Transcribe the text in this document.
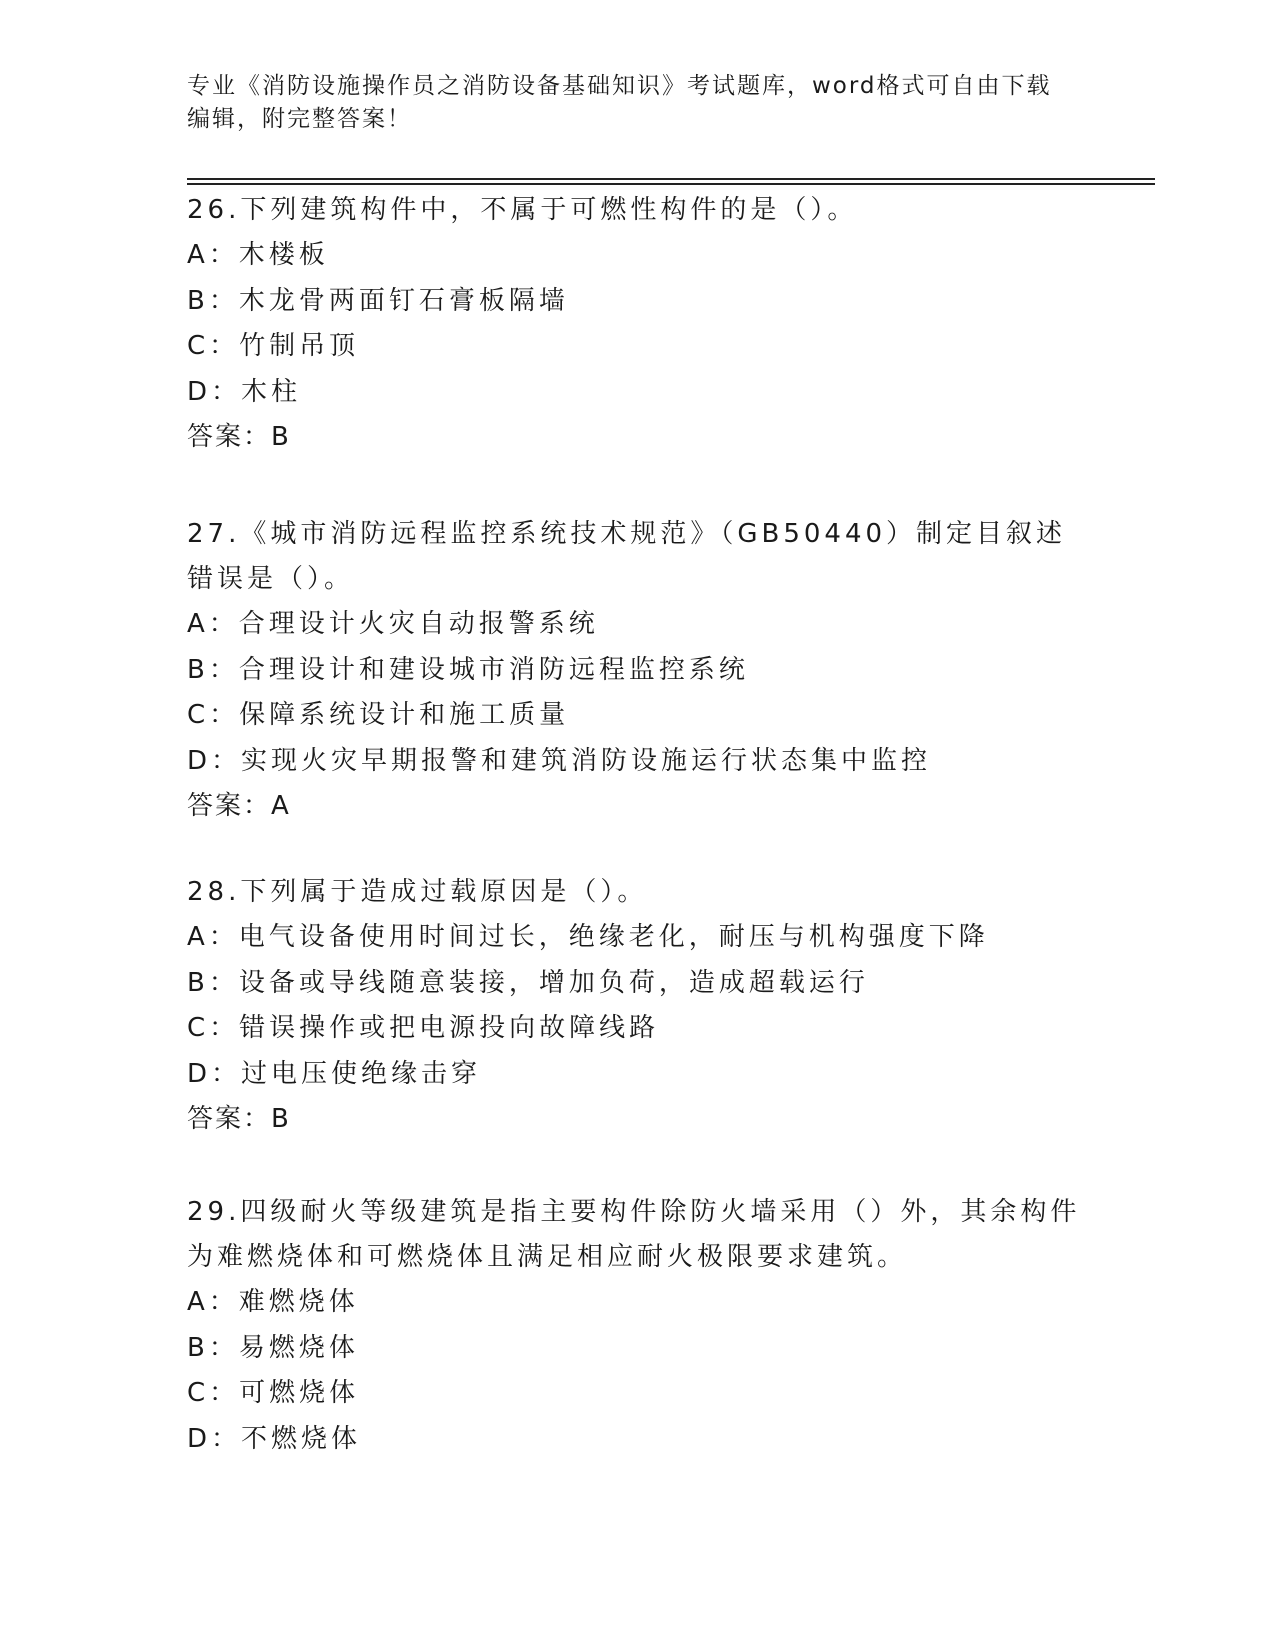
专业《消防设施操作员之消防设备基础知识》考试题库，word格式可自由下载编辑，附完整答案！

26.下列建筑构件中，不属于可燃性构件的是（）。

A：木楼板

B：木龙骨两面钉石膏板隔墙

C：竹制吊顶

D：木柱

答案：B

27.《城市消防远程监控系统技术规范》（GB50440）制定目叙述错误是（）。

A：合理设计火灾自动报警系统

B：合理设计和建设城市消防远程监控系统

C：保障系统设计和施工质量

D：实现火灾早期报警和建筑消防设施运行状态集中监控

答案：A

28.下列属于造成过载原因是（）。

A：电气设备使用时间过长，绝缘老化，耐压与机构强度下降

B：设备或导线随意装接，增加负荷，造成超载运行

C：错误操作或把电源投向故障线路

D：过电压使绝缘击穿

答案：B

29.四级耐火等级建筑是指主要构件除防火墙采用（）外，其余构件为难燃烧体和可燃烧体且满足相应耐火极限要求建筑。

A：难燃烧体

B：易燃烧体

C：可燃烧体

D：不燃烧体
